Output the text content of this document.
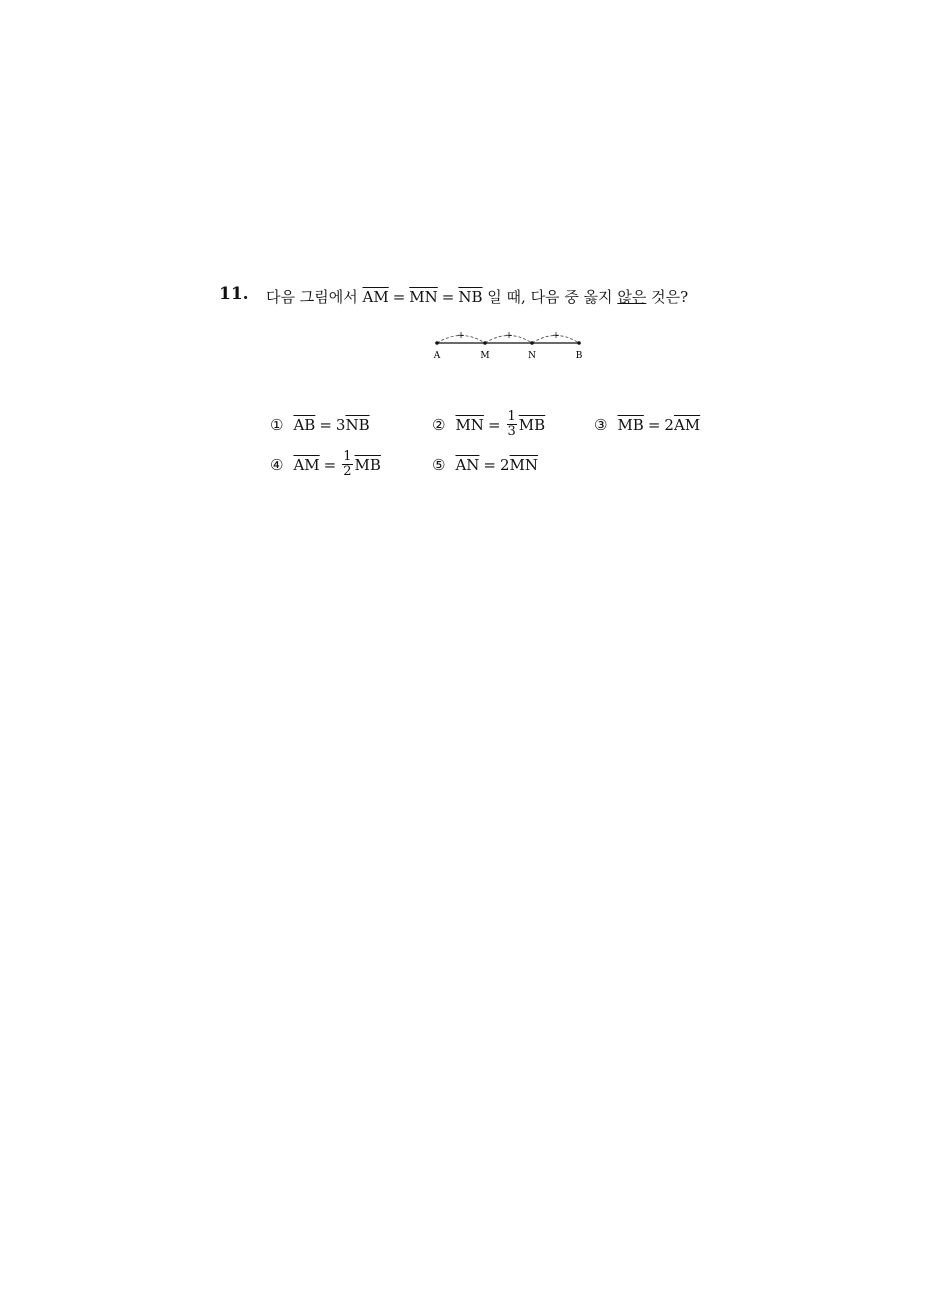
11. 다음 그림에서 $\overline{AM} = \overline{MN} = \overline{NB}$ 일 때, 다음 중 옳지 않은 것은?
+	+	+
A	M	N	B
① $\overline{AB} = 3$ $\overline{NB}$	② $\overline{MN} = \frac{1}{3} \overline{MB}$	③ $\overline{MB} = 2$ $\overline{AM}$
④ $\overline{AM} = \frac{1}{2} \overline{MB}$	⑤ $\overline{AN} = 2$ $\overline{MN}$
